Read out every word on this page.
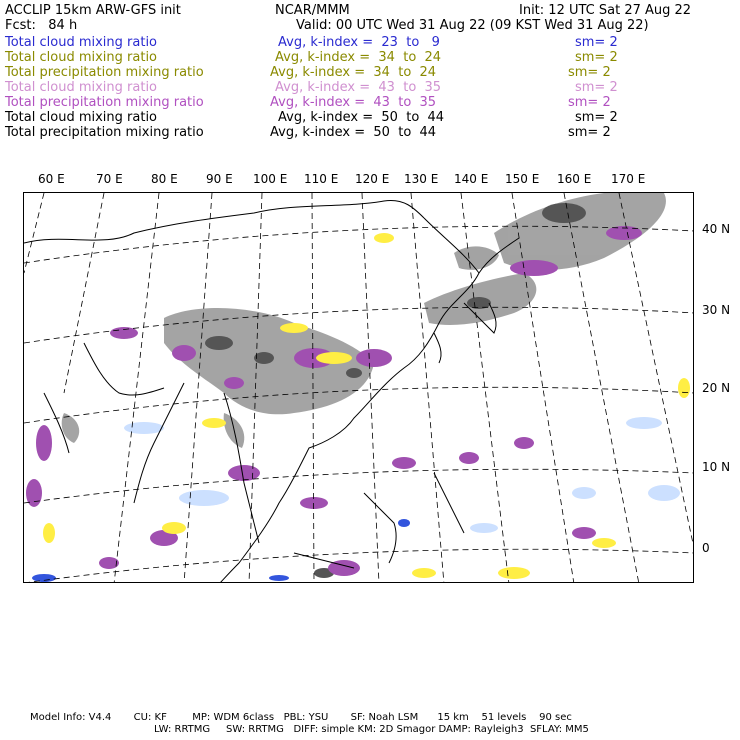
ACCLIP 15km ARW-GFS init	NCAR/MMM	Init: 12 UTC Sat 27 Aug 22
Fcst:   84 h	Valid: 00 UTC Wed 31 Aug 22 (09 KST Wed 31 Aug 22)
Total cloud mixing ratio	Avg, k-index =  23  to   9	sm= 2
Total cloud mixing ratio	Avg, k-index =  34  to  24	sm= 2
Total precipitation mixing ratio	Avg, k-index =  34  to  24	sm= 2
Total cloud mixing ratio	Avg, k-index =  43  to  35	sm= 2
Total precipitation mixing ratio	Avg, k-index =  43  to  35	sm= 2
Total cloud mixing ratio	Avg, k-index =  50  to  44	sm= 2
Total precipitation mixing ratio	Avg, k-index =  50  to  44	sm= 2
60 E	70 E 80 E 90 E 100 E 110 E 120 E 130 E 140 E 150 E 160 E 170 E
40 N
30 N
20 N
10 N
0
Model Info: V4.4       CU: KF        MP: WDM 6class   PBL: YSU       SF: Noah LSM      15 km    51 levels    90 sec
LW: RRTMG     SW: RRTMG   DIFF: simple KM: 2D Smagor DAMP: Rayleigh3  SFLAY: MM5
